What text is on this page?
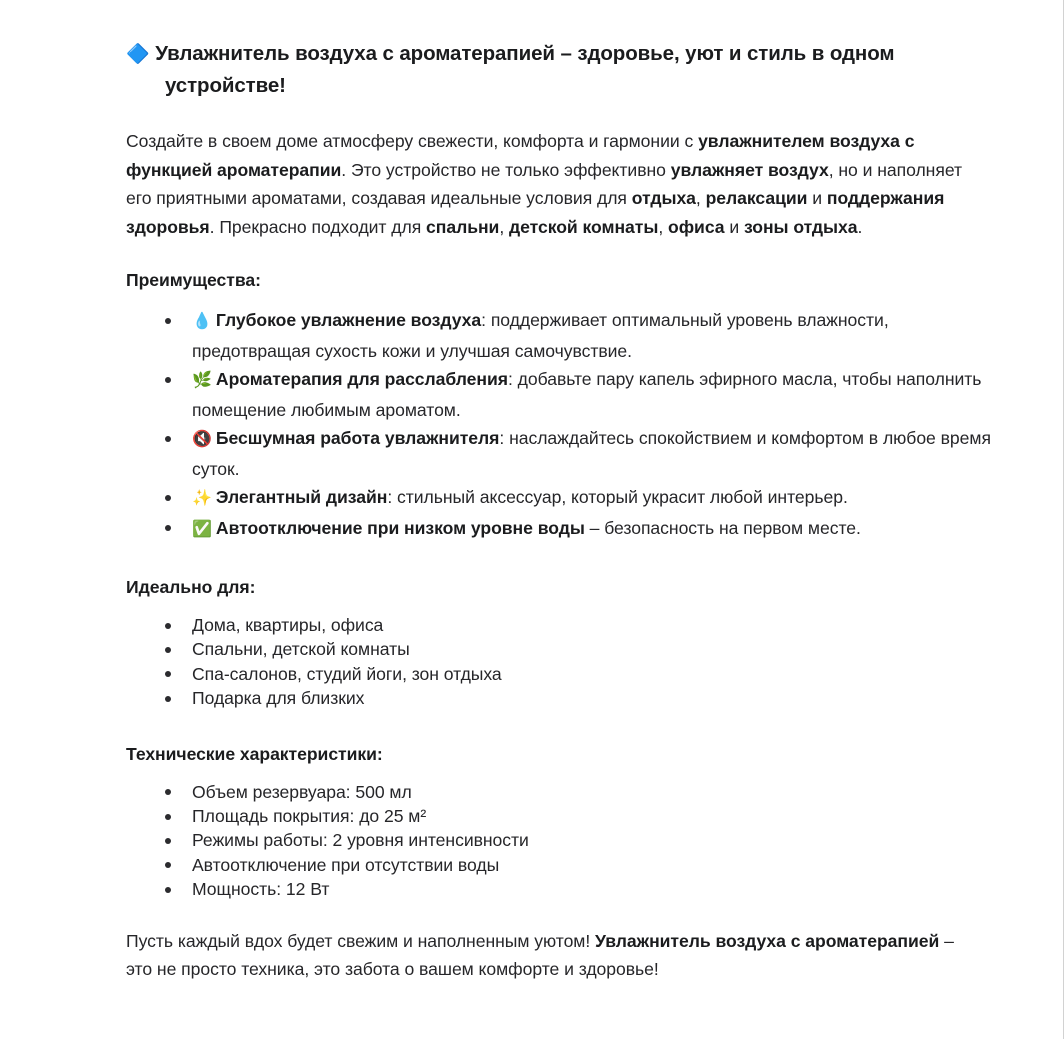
🔷 Увлажнитель воздуха с ароматерапией – здоровье, уют и стиль в одном устройстве!

Создайте в своем доме атмосферу свежести, комфорта и гармонии с увлажнителем воздуха с функцией ароматерапии. Это устройство не только эффективно увлажняет воздух, но и наполняет его приятными ароматами, создавая идеальные условия для отдыха, релаксации и поддержания здоровья. Прекрасно подходит для спальни, детской комнаты, офиса и зоны отдыха.

Преимущества:
💧 Глубокое увлажнение воздуха: поддерживает оптимальный уровень влажности, предотвращая сухость кожи и улучшая самочувствие.
🌿 Ароматерапия для расслабления: добавьте пару капель эфирного масла, чтобы наполнить помещение любимым ароматом.
🔇 Бесшумная работа увлажнителя: наслаждайтесь спокойствием и комфортом в любое время суток.
✨ Элегантный дизайн: стильный аксессуар, который украсит любой интерьер.
✅ Автоотключение при низком уровне воды – безопасность на первом месте.
Идеально для:
Дома, квартиры, офиса
Спальни, детской комнаты
Спа-салонов, студий йоги, зон отдыха
Подарка для близких
Технические характеристики:
Объем резервуара: 500 мл
Площадь покрытия: до 25 м²
Режимы работы: 2 уровня интенсивности
Автоотключение при отсутствии воды
Мощность: 12 Вт

Пусть каждый вдох будет свежим и наполненным уютом! Увлажнитель воздуха с ароматерапией – это не просто техника, это забота о вашем комфорте и здоровье!
